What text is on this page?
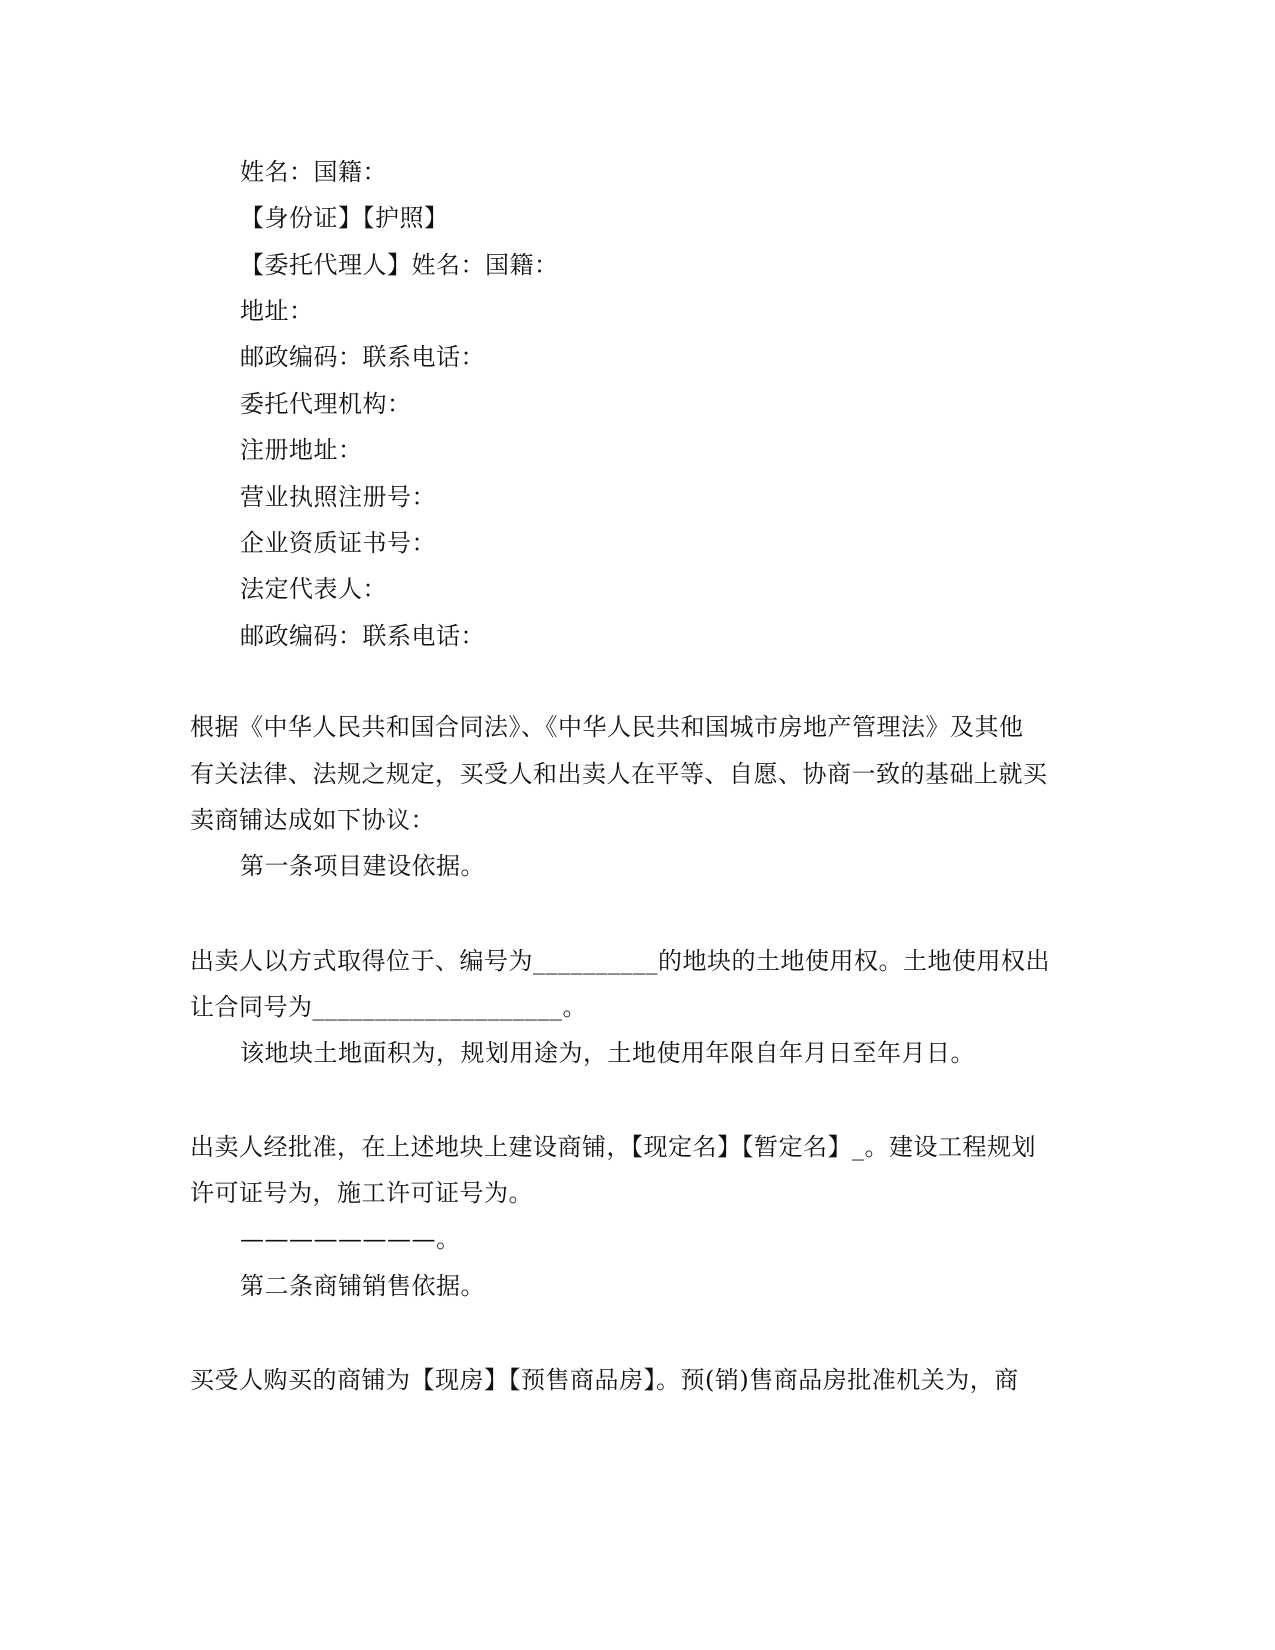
姓名：国籍：
【身份证】【护照】
【委托代理人】姓名：国籍：
地址：
邮政编码：联系电话：
委托代理机构：
注册地址：
营业执照注册号：
企业资质证书号：
法定代表人：
邮政编码：联系电话：
根据《中华人民共和国合同法》、《中华人民共和国城市房地产管理法》及其他
有关法律、法规之规定，买受人和出卖人在平等、自愿、协商一致的基础上就买
卖商铺达成如下协议：
第一条项目建设依据。
出卖人以方式取得位于、编号为__________的地块的土地使用权。土地使用权出
让合同号为____________________。
该地块土地面积为，规划用途为，土地使用年限自年月日至年月日。
出卖人经批准，在上述地块上建设商铺，【现定名】【暂定名】_。建设工程规划
许可证号为，施工许可证号为。
————————。
第二条商铺销售依据。
买受人购买的商铺为【现房】【预售商品房】。预(销)售商品房批准机关为，商
